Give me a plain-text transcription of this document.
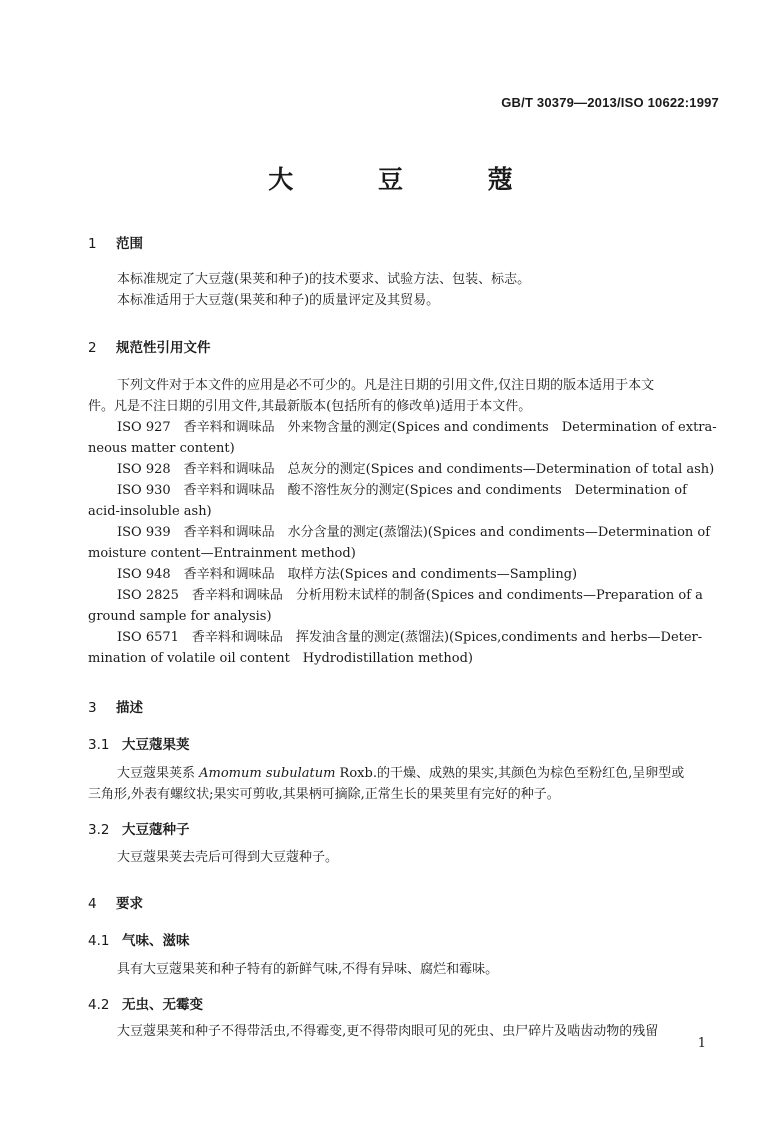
GB/T 30379—2013/ISO 10622:1997
大 豆 蔻
1 范围
本标准规定了大豆蔻(果荚和种子)的技术要求、试验方法、包装、标志。
本标准适用于大豆蔻(果荚和种子)的质量评定及其贸易。
2 规范性引用文件
下列文件对于本文件的应用是必不可少的。凡是注日期的引用文件,仅注日期的版本适用于本文
件。凡是不注日期的引用文件,其最新版本(包括所有的修改单)适用于本文件。
ISO 927　香辛料和调味品　外来物含量的测定(Spices and condiments　Determination of extra-
neous matter content)
ISO 928　香辛料和调味品　总灰分的测定(Spices and condiments—Determination of total ash)
ISO 930　香辛料和调味品　酸不溶性灰分的测定(Spices and condiments　Determination of
acid-insoluble ash)
ISO 939　香辛料和调味品　水分含量的测定(蒸馏法)(Spices and condiments—Determination of
moisture content—Entrainment method)
ISO 948　香辛料和调味品　取样方法(Spices and condiments—Sampling)
ISO 2825　香辛料和调味品　分析用粉末试样的制备(Spices and condiments—Preparation of a
ground sample for analysis)
ISO 6571　香辛料和调味品　挥发油含量的测定(蒸馏法)(Spices,condiments and herbs—Deter-
mination of volatile oil content　Hydrodistillation method)
3 描述
3.1 大豆蔻果荚
大豆蔻果荚系 Amomum subulatum Roxb.的干燥、成熟的果实,其颜色为棕色至粉红色,呈卵型或
三角形,外表有螺纹状;果实可剪收,其果柄可摘除,正常生长的果荚里有完好的种子。
3.2 大豆蔻种子
大豆蔻果荚去壳后可得到大豆蔻种子。
4 要求
4.1 气味、滋味
具有大豆蔻果荚和种子特有的新鲜气味,不得有异味、腐烂和霉味。
4.2 无虫、无霉变
大豆蔻果荚和种子不得带活虫,不得霉变,更不得带肉眼可见的死虫、虫尸碎片及啮齿动物的残留
1
